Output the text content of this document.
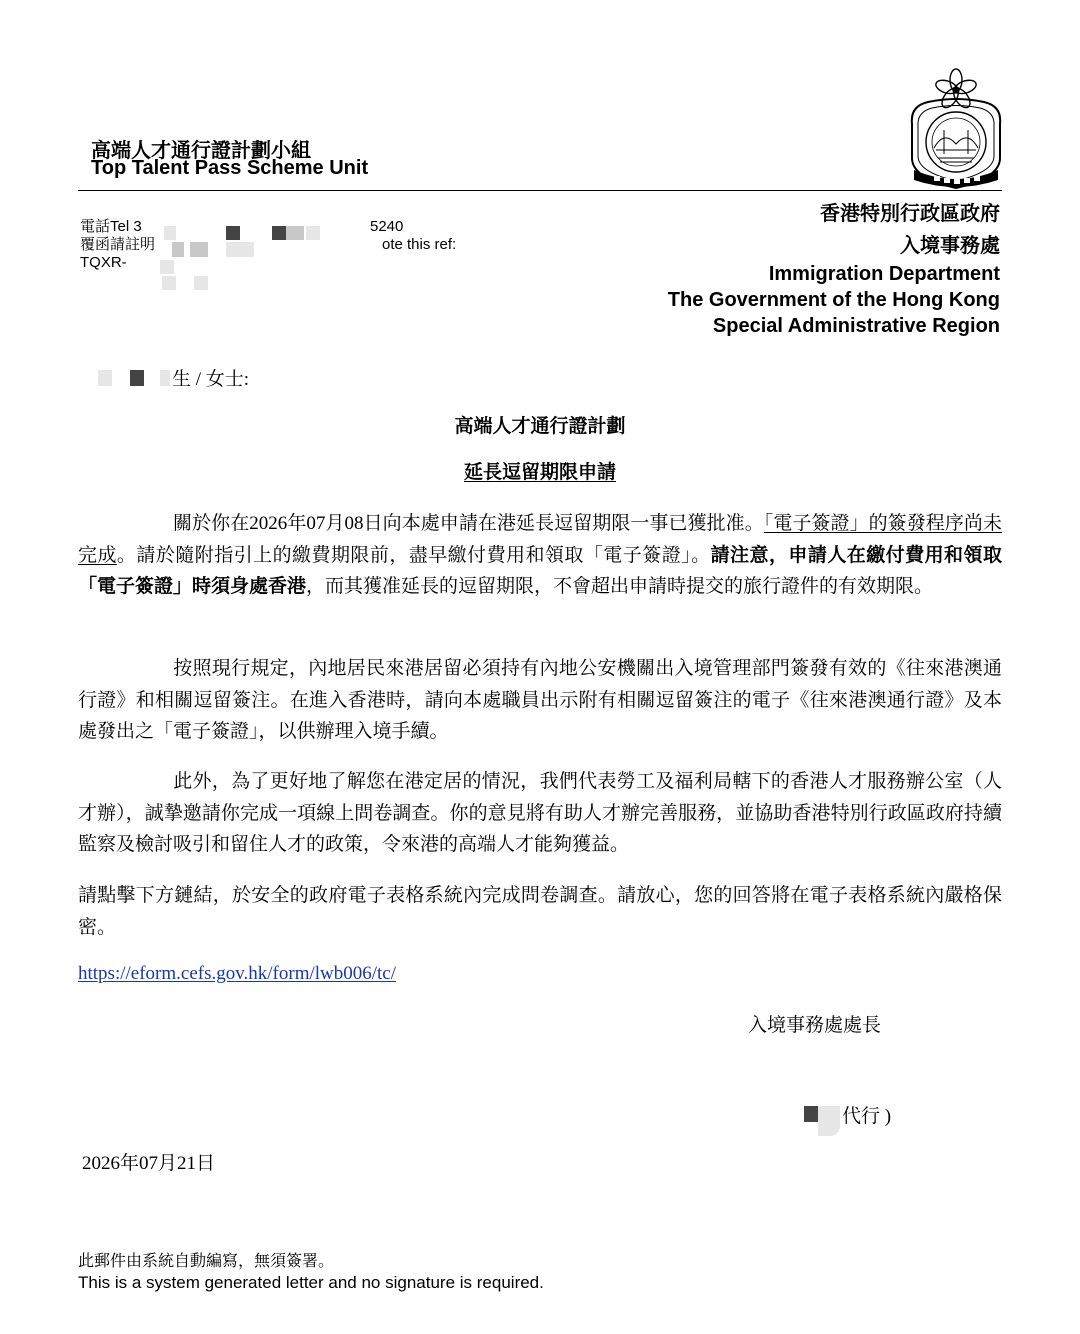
高端人才通行證計劃小組
Top Talent Pass Scheme Unit
電話Tel 3
覆函請註明
TQXR-
5240
ote this ref:
香港特別行政區政府
入境事務處
Immigration Department
The Government of the Hong Kong
Special Administrative Region
生 / 女士:
高端人才通行證計劃
延長逗留期限申請

關於你在2026年07月08日向本處申請在港延長逗留期限一事已獲批准。「電子簽證」的簽發程序尚未完成。請於隨附指引上的繳費期限前，盡早繳付費用和領取「電子簽證」。請注意，申請人在繳付費用和領取「電子簽證」時須身處香港，而其獲准延長的逗留期限，不會超出申請時提交的旅行證件的有效期限。

按照現行規定，內地居民來港居留必須持有內地公安機關出入境管理部門簽發有效的《往來港澳通行證》和相關逗留簽注。在進入香港時，請向本處職員出示附有相關逗留簽注的電子《往來港澳通行證》及本處發出之「電子簽證」，以供辦理入境手續。

此外，為了更好地了解您在港定居的情況，我們代表勞工及福利局轄下的香港人才服務辦公室（人才辦），誠摯邀請你完成一項線上問卷調查。你的意見將有助人才辦完善服務，並協助香港特別行政區政府持續監察及檢討吸引和留住人才的政策，令來港的高端人才能夠獲益。

請點擊下方鏈結，於安全的政府電子表格系統內完成問卷調查。請放心，您的回答將在電子表格系統內嚴格保密。

https://eform.cefs.gov.hk/form/lwb006/tc/
入境事務處處長
代行 )
2026年07月21日
此郵件由系統自動編寫，無須簽署。
This is a system generated letter and no signature is required.
